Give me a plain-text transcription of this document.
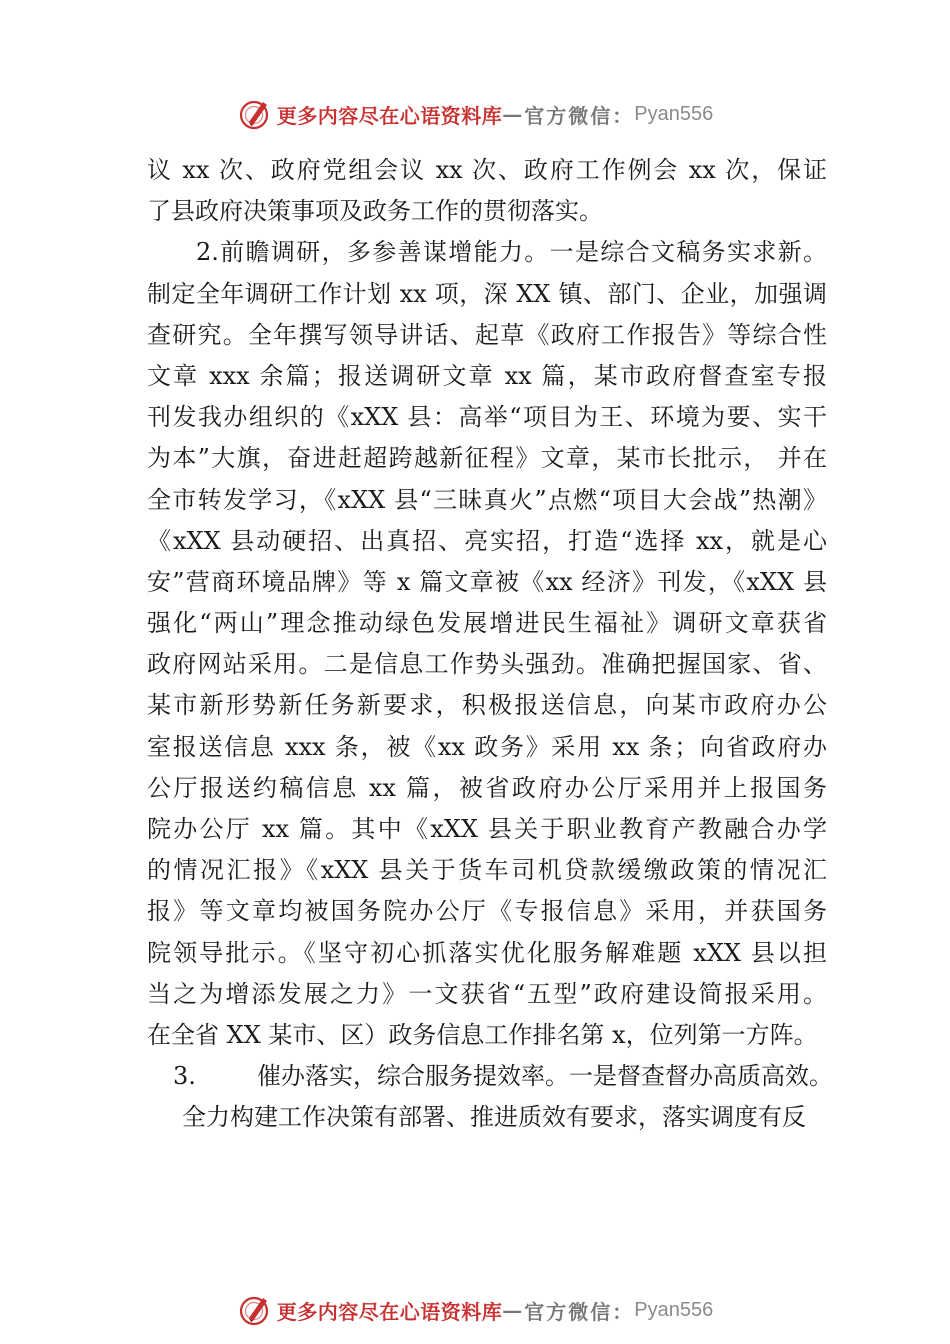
更多内容尽在心语资料库 — 官方微信： Pyan556
议 xx 次、政府党组会议 xx 次、政府工作例会 xx 次，保证
了县政府决策事项及政务工作的贯彻落实。
2.前瞻调研，多参善谋增能力。一是综合文稿务实求新。
制定全年调研工作计划 xx 项，深 XX 镇、部门、企业，加强调
查研究。全年撰写领导讲话、起草《政府工作报告》等综合性
文章 xxx 余篇；报送调研文章 xx 篇，某市政府督查室专报
刊发我办组织的《xXX 县：高举“项目为王、环境为要、实干
为本”大旗，奋进赶超跨越新征程》文章，某市长批示， 并在
全市转发学习，《xXX 县“三昧真火”点燃“项目大会战”热潮》
《xXX 县动硬招、出真招、亮实招，打造“选择 xx，就是心
安”营商环境品牌》等 x 篇文章被《xx 经济》刊发，《xXX 县
强化“两山”理念推动绿色发展增进民生福祉》调研文章获省
政府网站采用。二是信息工作势头强劲。准确把握国家、省、
某市新形势新任务新要求，积极报送信息，向某市政府办公
室报送信息 xxx 条，被《xx 政务》采用 xx 条；向省政府办
公厅报送约稿信息 xx 篇，被省政府办公厅采用并上报国务
院办公厅 xx 篇。其中《xXX 县关于职业教育产教融合办学
的情况汇报》《xXX 县关于货车司机贷款缓缴政策的情况汇
报》等文章均被国务院办公厅《专报信息》采用，并获国务
院领导批示。《坚守初心抓落实优化服务解难题 xXX 县以担
当之为增添发展之力》一文获省“五型”政府建设简报采用。
在全省 XX 某市、区）政务信息工作排名第 x，位列第一方阵。
3.	催办落实，综合服务提效率。一是督查督办高质高效。
全力构建工作决策有部署、推进质效有要求，落实调度有反
更多内容尽在心语资料库 — 官方微信： Pyan556
